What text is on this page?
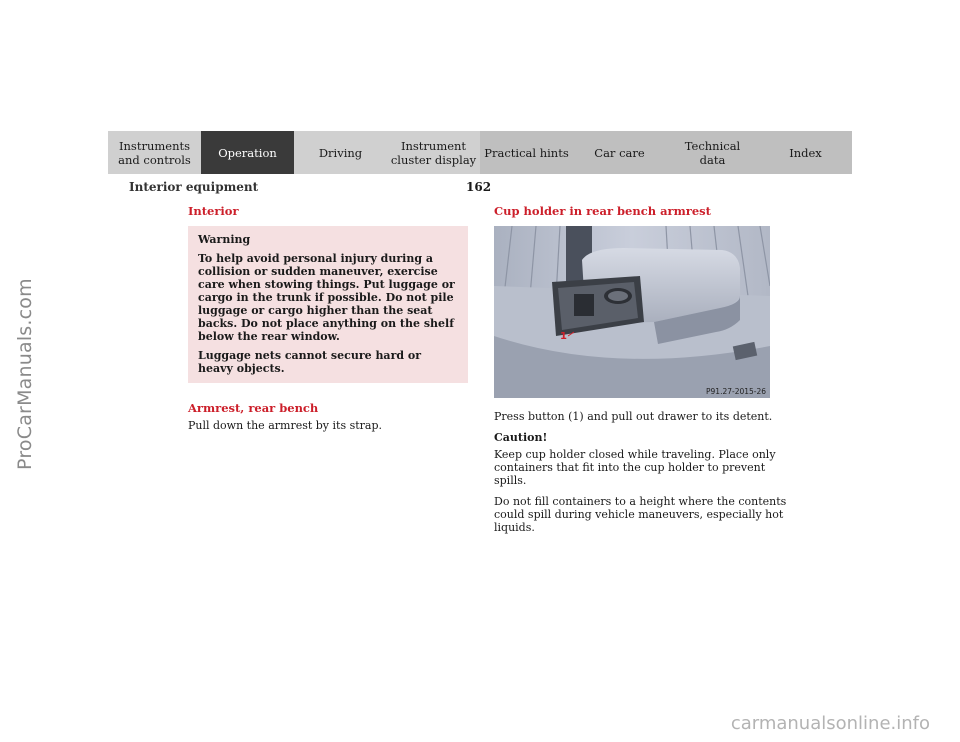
ProCarManuals.com
carmanualsonline.info
Instruments
and controls Operation	Driving	Instrument
cluster display Practical hints Car care	Technical
data	Index
Interior equipment	162
Interior

Warning

To help avoid personal injury during a collision or sudden maneuver, exercise care when stowing things. Put luggage or cargo in the trunk if possible. Do not pile luggage or cargo higher than the seat backs. Do not place anything on the shelf below the rear window.

Luggage nets cannot secure hard or heavy objects.

Armrest, rear bench

Pull down the armrest by its strap.

Cup holder in rear bench armrest
1
P91.27-2015-26

Press button (1) and pull out drawer to its detent.

Caution!

Keep cup holder closed while traveling. Place only containers that fit into the cup holder to prevent spills.

Do not fill containers to a height where the contents could spill during vehicle maneuvers, especially hot liquids.
